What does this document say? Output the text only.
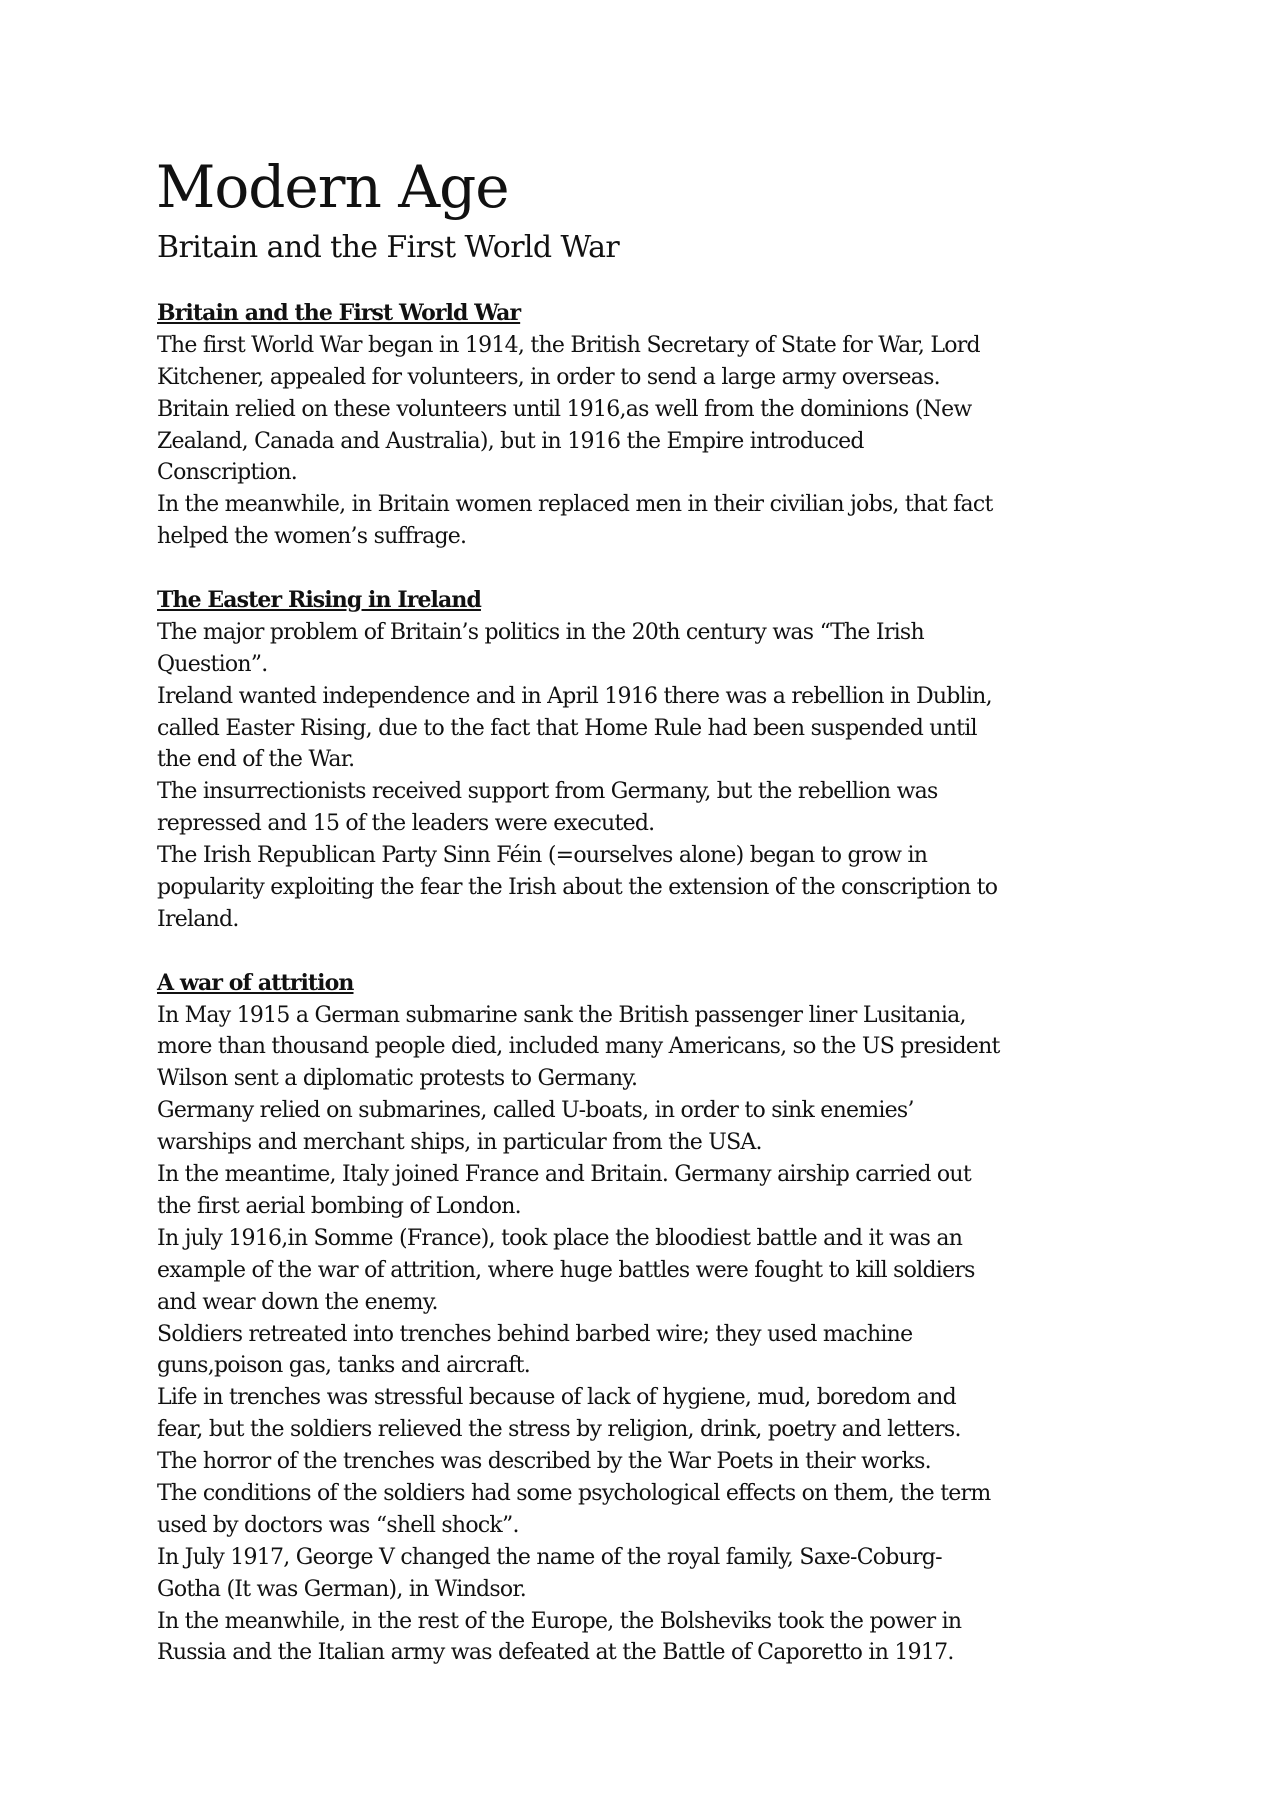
Modern Age
Britain and the First World War
Britain and the First World War
The first World War began in 1914, the British Secretary of State for War, Lord
Kitchener, appealed for volunteers, in order to send a large army overseas.
Britain relied on these volunteers until 1916,as well from the dominions (New
Zealand, Canada and Australia), but in 1916 the Empire introduced
Conscription.
In the meanwhile, in Britain women replaced men in their civilian jobs, that fact
helped the women’s suffrage.
The Easter Rising in Ireland
The major problem of Britain’s politics in the 20th century was “The Irish
Question”.
Ireland wanted independence and in April 1916 there was a rebellion in Dublin,
called Easter Rising, due to the fact that Home Rule had been suspended until
the end of the War.
The insurrectionists received support from Germany, but the rebellion was
repressed and 15 of the leaders were executed.
The Irish Republican Party Sinn Féin (=ourselves alone) began to grow in
popularity exploiting the fear the Irish about the extension of the conscription to
Ireland.
A war of attrition
In May 1915 a German submarine sank the British passenger liner Lusitania,
more than thousand people died, included many Americans, so the US president
Wilson sent a diplomatic protests to Germany.
Germany relied on submarines, called U-boats, in order to sink enemies’
warships and merchant ships, in particular from the USA.
In the meantime, Italy joined France and Britain. Germany airship carried out
the first aerial bombing of London.
In july 1916,in Somme (France), took place the bloodiest battle and it was an
example of the war of attrition, where huge battles were fought to kill soldiers
and wear down the enemy.
Soldiers retreated into trenches behind barbed wire; they used machine
guns,poison gas, tanks and aircraft.
Life in trenches was stressful because of lack of hygiene, mud, boredom and
fear, but the soldiers relieved the stress by religion, drink, poetry and letters.
The horror of the trenches was described by the War Poets in their works.
The conditions of the soldiers had some psychological effects on them, the term
used by doctors was “shell shock”.
In July 1917, George V changed the name of the royal family, Saxe-Coburg-
Gotha (It was German), in Windsor.
In the meanwhile, in the rest of the Europe, the Bolsheviks took the power in
Russia and the Italian army was defeated at the Battle of Caporetto in 1917.
